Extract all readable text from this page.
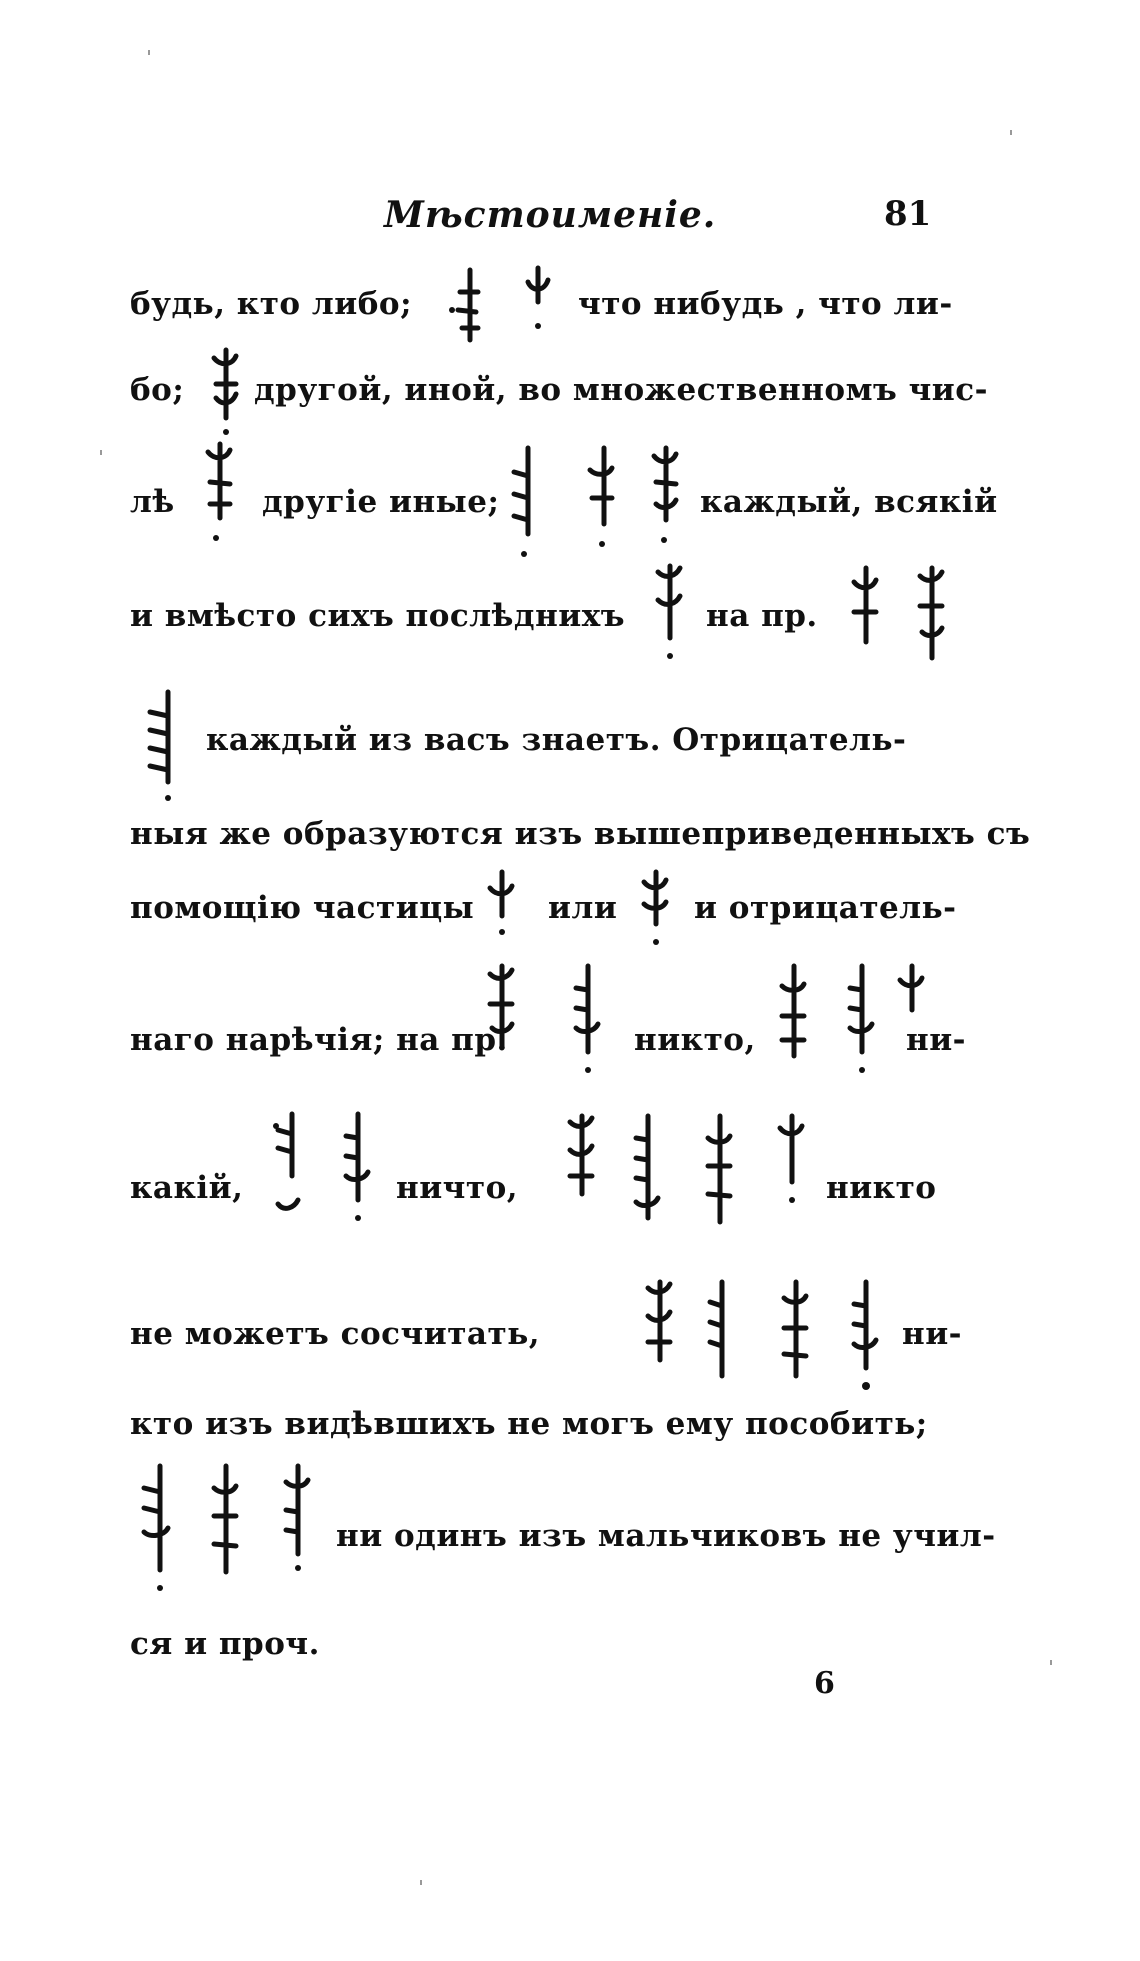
Мѣстоименіе.	81
будь, кто либо;	что нибудь , что ли-
бо; другой, иной, во множественномъ чис-
лѣ	другіе иные;	каждый, всякій
и вмѣсто сихъ послѣднихъ	на пр.
каждый из васъ знаетъ. Отрицатель-
ныя же образуются изъ вышеприведенныхъ съ
помощію частицы или и отрицатель-
наго нарѣчія; на пр.	никто,	ни-
какій,	ничто,	никто
не можетъ сосчитать,	ни-
кто изъ видѣвшихъ не могъ ему пособить;
ни одинъ изъ мальчиковъ не учил-
ся и проч.
6
